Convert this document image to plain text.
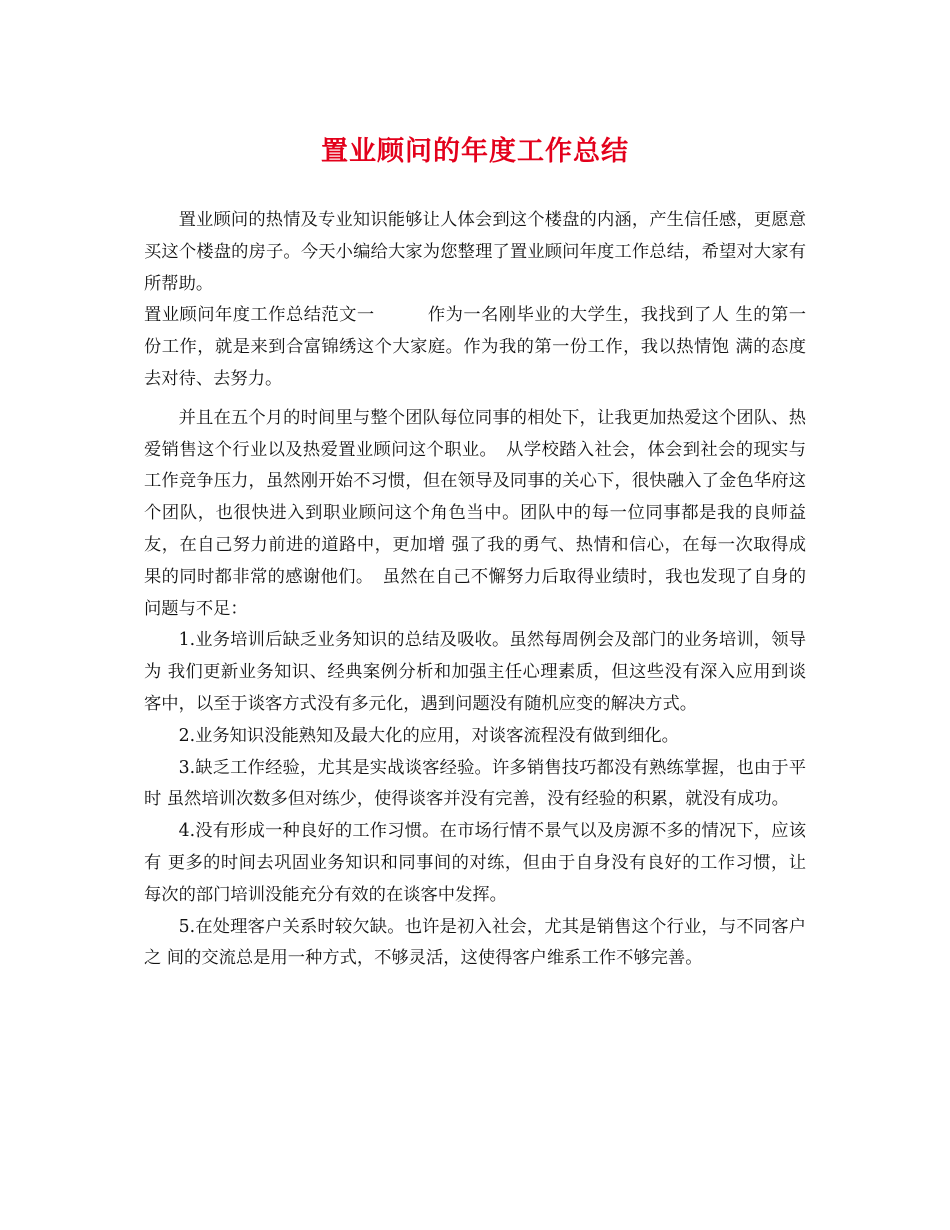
置业顾问的年度工作总结

置业顾问的热情及专业知识能够让人体会到这个楼盘的内涵，产生信任感，更愿意买这个楼盘的房子。今天小编给大家为您整理了置业顾问年度工作总结，希望对大家有所帮助。

置业顾问年度工作总结范文一　　　作为一名刚毕业的大学生，我找到了人 生的第一份工作，就是来到合富锦绣这个大家庭。作为我的第一份工作，我以热情饱 满的态度去对待、去努力。

并且在五个月的时间里与整个团队每位同事的相处下，让我更加热爱这个团队、热爱销售这个行业以及热爱置业顾问这个职业。　从学校踏入社会，体会到社会的现实与工作竞争压力，虽然刚开始不习惯，但在领导及同事的关心下，很快融入了金色华府这个团队，也很快进入到职业顾问这个角色当中。团队中的每一位同事都是我的良师益友，在自己努力前进的道路中，更加增 强了我的勇气、热情和信心，在每一次取得成果的同时都非常的感谢他们。　虽然在自己不懈努力后取得业绩时，我也发现了自身的问题与不足：

1.业务培训后缺乏业务知识的总结及吸收。虽然每周例会及部门的业务培训，领导为 我们更新业务知识、经典案例分析和加强主任心理素质，但这些没有深入应用到谈 客中，以至于谈客方式没有多元化，遇到问题没有随机应变的解决方式。

2.业务知识没能熟知及最大化的应用，对谈客流程没有做到细化。

3.缺乏工作经验，尤其是实战谈客经验。许多销售技巧都没有熟练掌握，也由于平时 虽然培训次数多但对练少，使得谈客并没有完善，没有经验的积累，就没有成功。

4.没有形成一种良好的工作习惯。在市场行情不景气以及房源不多的情况下，应该有 更多的时间去巩固业务知识和同事间的对练，但由于自身没有良好的工作习惯，让 每次的部门培训没能充分有效的在谈客中发挥。

5.在处理客户关系时较欠缺。也许是初入社会，尤其是销售这个行业，与不同客户之 间的交流总是用一种方式，不够灵活，这使得客户维系工作不够完善。
